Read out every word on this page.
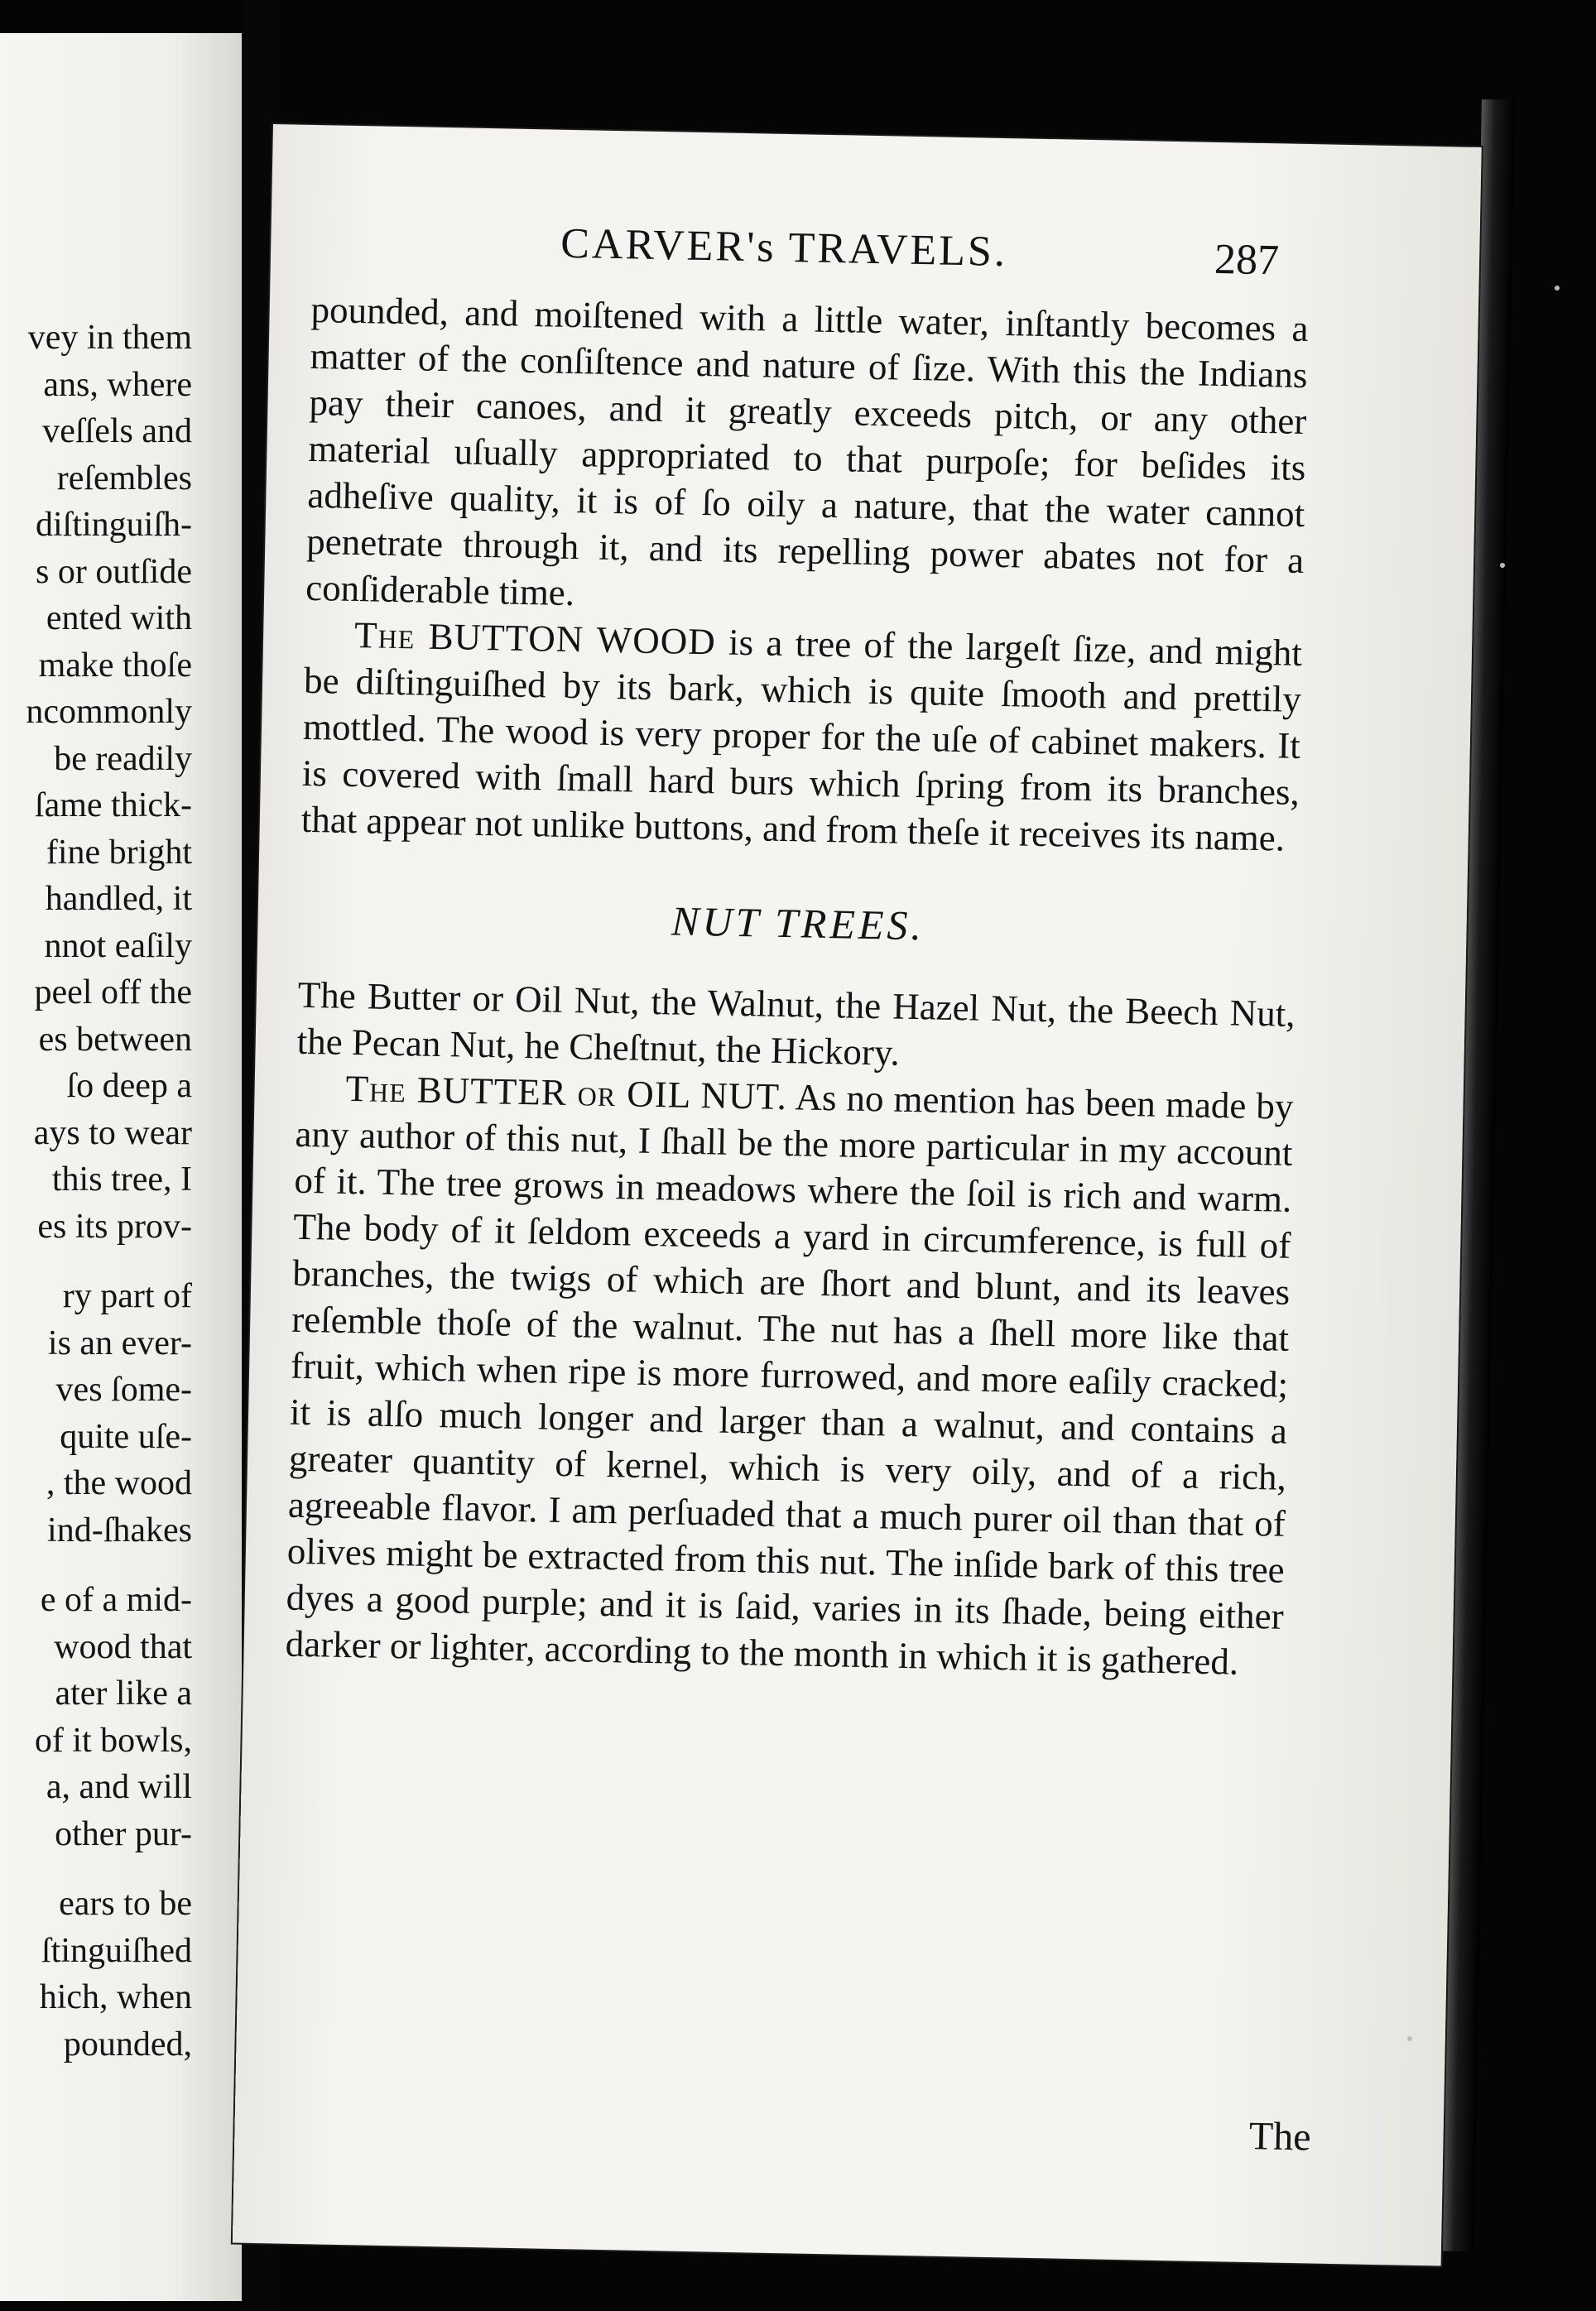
vey in them
ans, where
veſſels and
reſembles
diſtinguiſh-
s or outſide
ented with
make thoſe
ncommonly
be readily
ſame thick-
fine bright
handled, it
nnot eaſily
peel off the
es between
ſo deep a
ays to wear
this tree, I
es its prov-
ry part of
is an ever-
ves ſome-
quite uſe-
, the wood
ind-ſhakes
e of a mid-
wood that
ater like a
of it bowls,
a, and will
other pur-
ears to be
ſtinguiſhed
hich, when
pounded,
CARVER's TRAVELS.	287

pounded, and moiſtened with a little water, inſtantly becomes a matter of the conſiſtence and nature of ſize. With this the Indians pay their canoes, and it greatly exceeds pitch, or any other material uſually appropriated to that purpoſe; for beſides its adheſive quality, it is of ſo oily a nature, that the water cannot penetrate through it, and its repelling power abates not for a conſiderable time.

The BUTTON WOOD is a tree of the largeſt ſize, and might be diſtinguiſhed by its bark, which is quite ſmooth and prettily mottled. The wood is very proper for the uſe of cabinet makers. It is covered with ſmall hard burs which ſpring from its branches, that appear not unlike buttons, and from theſe it receives its name.

NUT TREES.

The Butter or Oil Nut, the Walnut, the Hazel Nut, the Beech Nut, the Pecan Nut, he Cheſtnut, the Hickory.

The BUTTER or OIL NUT. As no mention has been made by any author of this nut, I ſhall be the more particular in my account of it. The tree grows in meadows where the ſoil is rich and warm. The body of it ſeldom exceeds a yard in circumference, is full of branches, the twigs of which are ſhort and blunt, and its leaves reſemble thoſe of the walnut. The nut has a ſhell more like that fruit, which when ripe is more furrowed, and more eaſily cracked; it is alſo much longer and larger than a walnut, and contains a greater quantity of kernel, which is very oily, and of a rich, agreeable flavor. I am perſuaded that a much purer oil than that of olives might be extracted from this nut. The inſide bark of this tree dyes a good purple; and it is ſaid, varies in its ſhade, being either darker or lighter, according to the month in which it is gathered.

The
